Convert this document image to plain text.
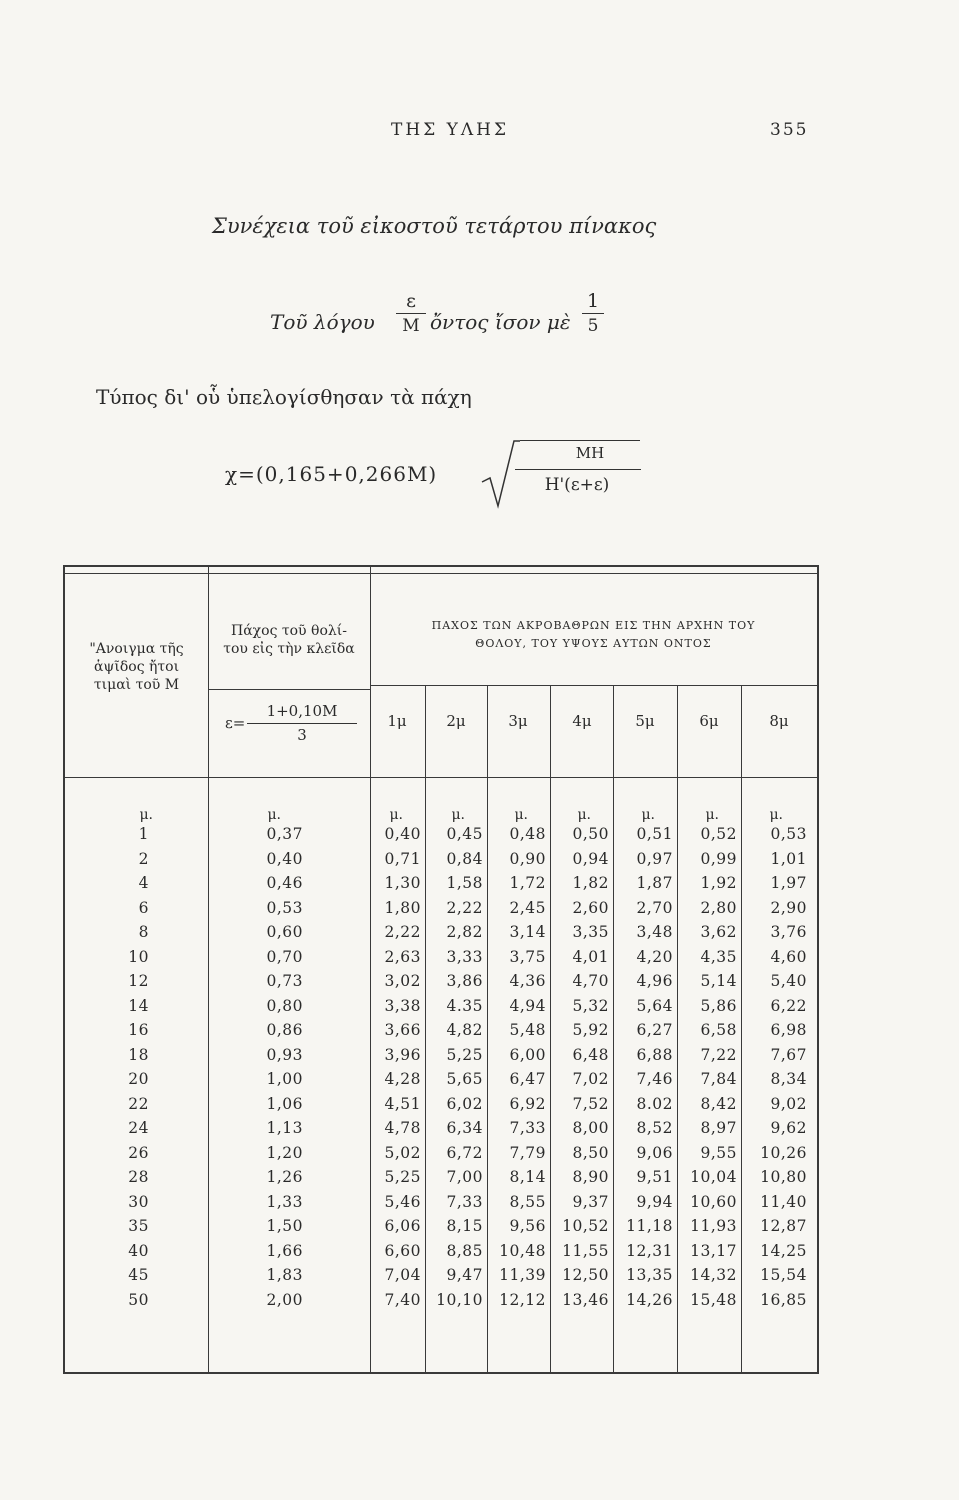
ΤΗΣ ΥΛΗΣ	355
Συνέχεια τοῦ εἰκοστοῦ τετάρτου πίνακος
Τοῦ λόγου
ε
M ὄντος ἴσον μὲ
1
5
Τύπος δι' οὗ ὑπελογίσθησαν τὰ πάχη
χ=(0,165+0,266M)
MH
H'(ε+ε)
"Ανοιγμα τῆς
ἁψῖδος ἤτοι
τιμαὶ τοῦ M
Πάχος τοῦ θολί-
του εἰς τὴν κλεῖδα
ΠΑΧΟΣ ΤΩΝ ΑΚΡΟΒΑΘΡΩΝ ΕΙΣ ΤΗΝ ΑΡΧΗΝ ΤΟΥ
ΘΟΛΟΥ, ΤΟΥ ΥΨΟΥΣ ΑΥΤΩΝ ΟΝΤΟΣ
ε=
1+0,10M
3
1μ	2μ	3μ	4μ	5μ	6μ	8μ
μ.	μ.	μ.	μ.	μ.	μ.	μ.	μ.	μ.
1	0,37	0,40 0,45 0,48 0,50 0,51 0,52 0,53
2	0,40	0,71 0,84 0,90 0,94 0,97 0,99 1,01
4	0,46	1,30 1,58 1,72 1,82 1,87 1,92 1,97
6	0,53	1,80 2,22 2,45 2,60 2,70 2,80 2,90
8	0,60	2,22 2,82 3,14 3,35 3,48 3,62 3,76
10	0,70	2,63 3,33 3,75 4,01 4,20 4,35 4,60
12	0,73	3,02 3,86 4,36 4,70 4,96 5,14 5,40
14	0,80	3,38 4.35 4,94 5,32 5,64 5,86 6,22
16	0,86	3,66 4,82 5,48 5,92 6,27 6,58 6,98
18	0,93	3,96 5,25 6,00 6,48 6,88 7,22 7,67
20	1,00	4,28 5,65 6,47 7,02 7,46 7,84 8,34
22	1,06	4,51 6,02 6,92 7,52 8.02 8,42 9,02
24	1,13	4,78 6,34 7,33 8,00 8,52 8,97 9,62
26	1,20	5,02 6,72 7,79 8,50 9,06 9,55 10,26
28	1,26	5,25 7,00 8,14 8,90 9,51 10,04 10,80
30	1,33	5,46 7,33 8,55 9,37 9,94 10,60 11,40
35	1,50	6,06 8,15 9,56 10,52 11,18 11,93 12,87
40	1,66	6,60 8,85 10,48 11,55 12,31 13,17 14,25
45	1,83	7,04 9,47 11,39 12,50 13,35 14,32 15,54
50	2,00	7,40 10,10 12,12 13,46 14,26 15,48 16,85
